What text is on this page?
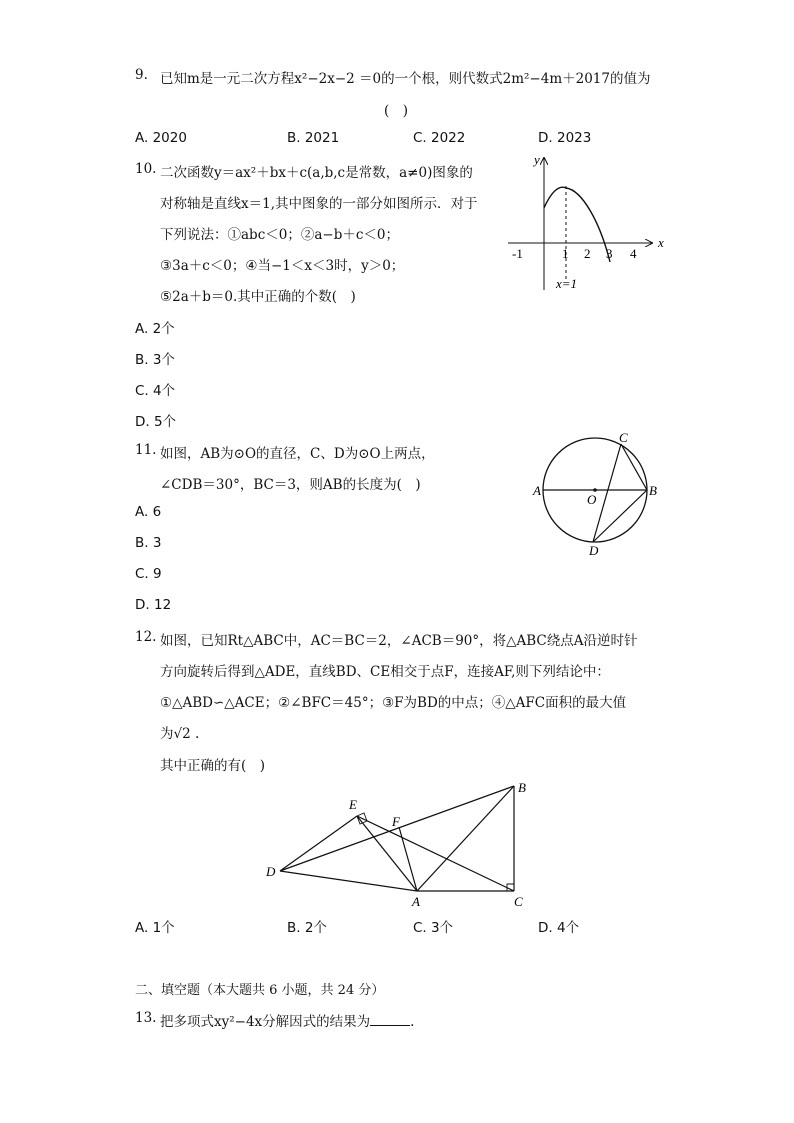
9. 已知m是一元二次方程x²−2x−2 ＝0的一个根，则代数式2m²−4m＋2017的值为
(　)
A. 2020	B. 2021	C. 2022	D. 2023
10. 二次函数y＝ax²＋bx＋c(a,b,c是常数，a≠0)图象的
对称轴是直线x＝1,其中图象的一部分如图所示．对于
下列说法：①abc＜0；②a−b＋c＜0；
③3a＋c＜0；④当−1＜x＜3时，y＞0；
⑤2a＋b＝0.其中正确的个数(　)
A. 2个
B. 3个
C. 4个
D. 5个
x
y
-1	1 2 3 4
x=1
11. 如图，AB为⊙O的直径，C、D为⊙O上两点，
∠CDB＝30°，BC＝3，则AB的长度为(　)
A. 6
B. 3
C. 9
D. 12
A	B
C
D
O
12. 如图，已知Rt△ABC中，AC＝BC＝2，∠ACB＝90°，将△ABC绕点A沿逆时针
方向旋转后得到△ADE，直线BD、CE相交于点F，连接AF,则下列结论中：
①△ABD∽△ACE；②∠BFC＝45°；③F为BD的中点；④△AFC面积的最大值
为√2 .
其中正确的有(　)
D
E
F
A	C
B
A. 1个	B. 2个	C. 3个	D. 4个
二、填空题（本大题共 6 小题，共 24 分）
13. 把多项式xy²−4x分解因式的结果为	.
